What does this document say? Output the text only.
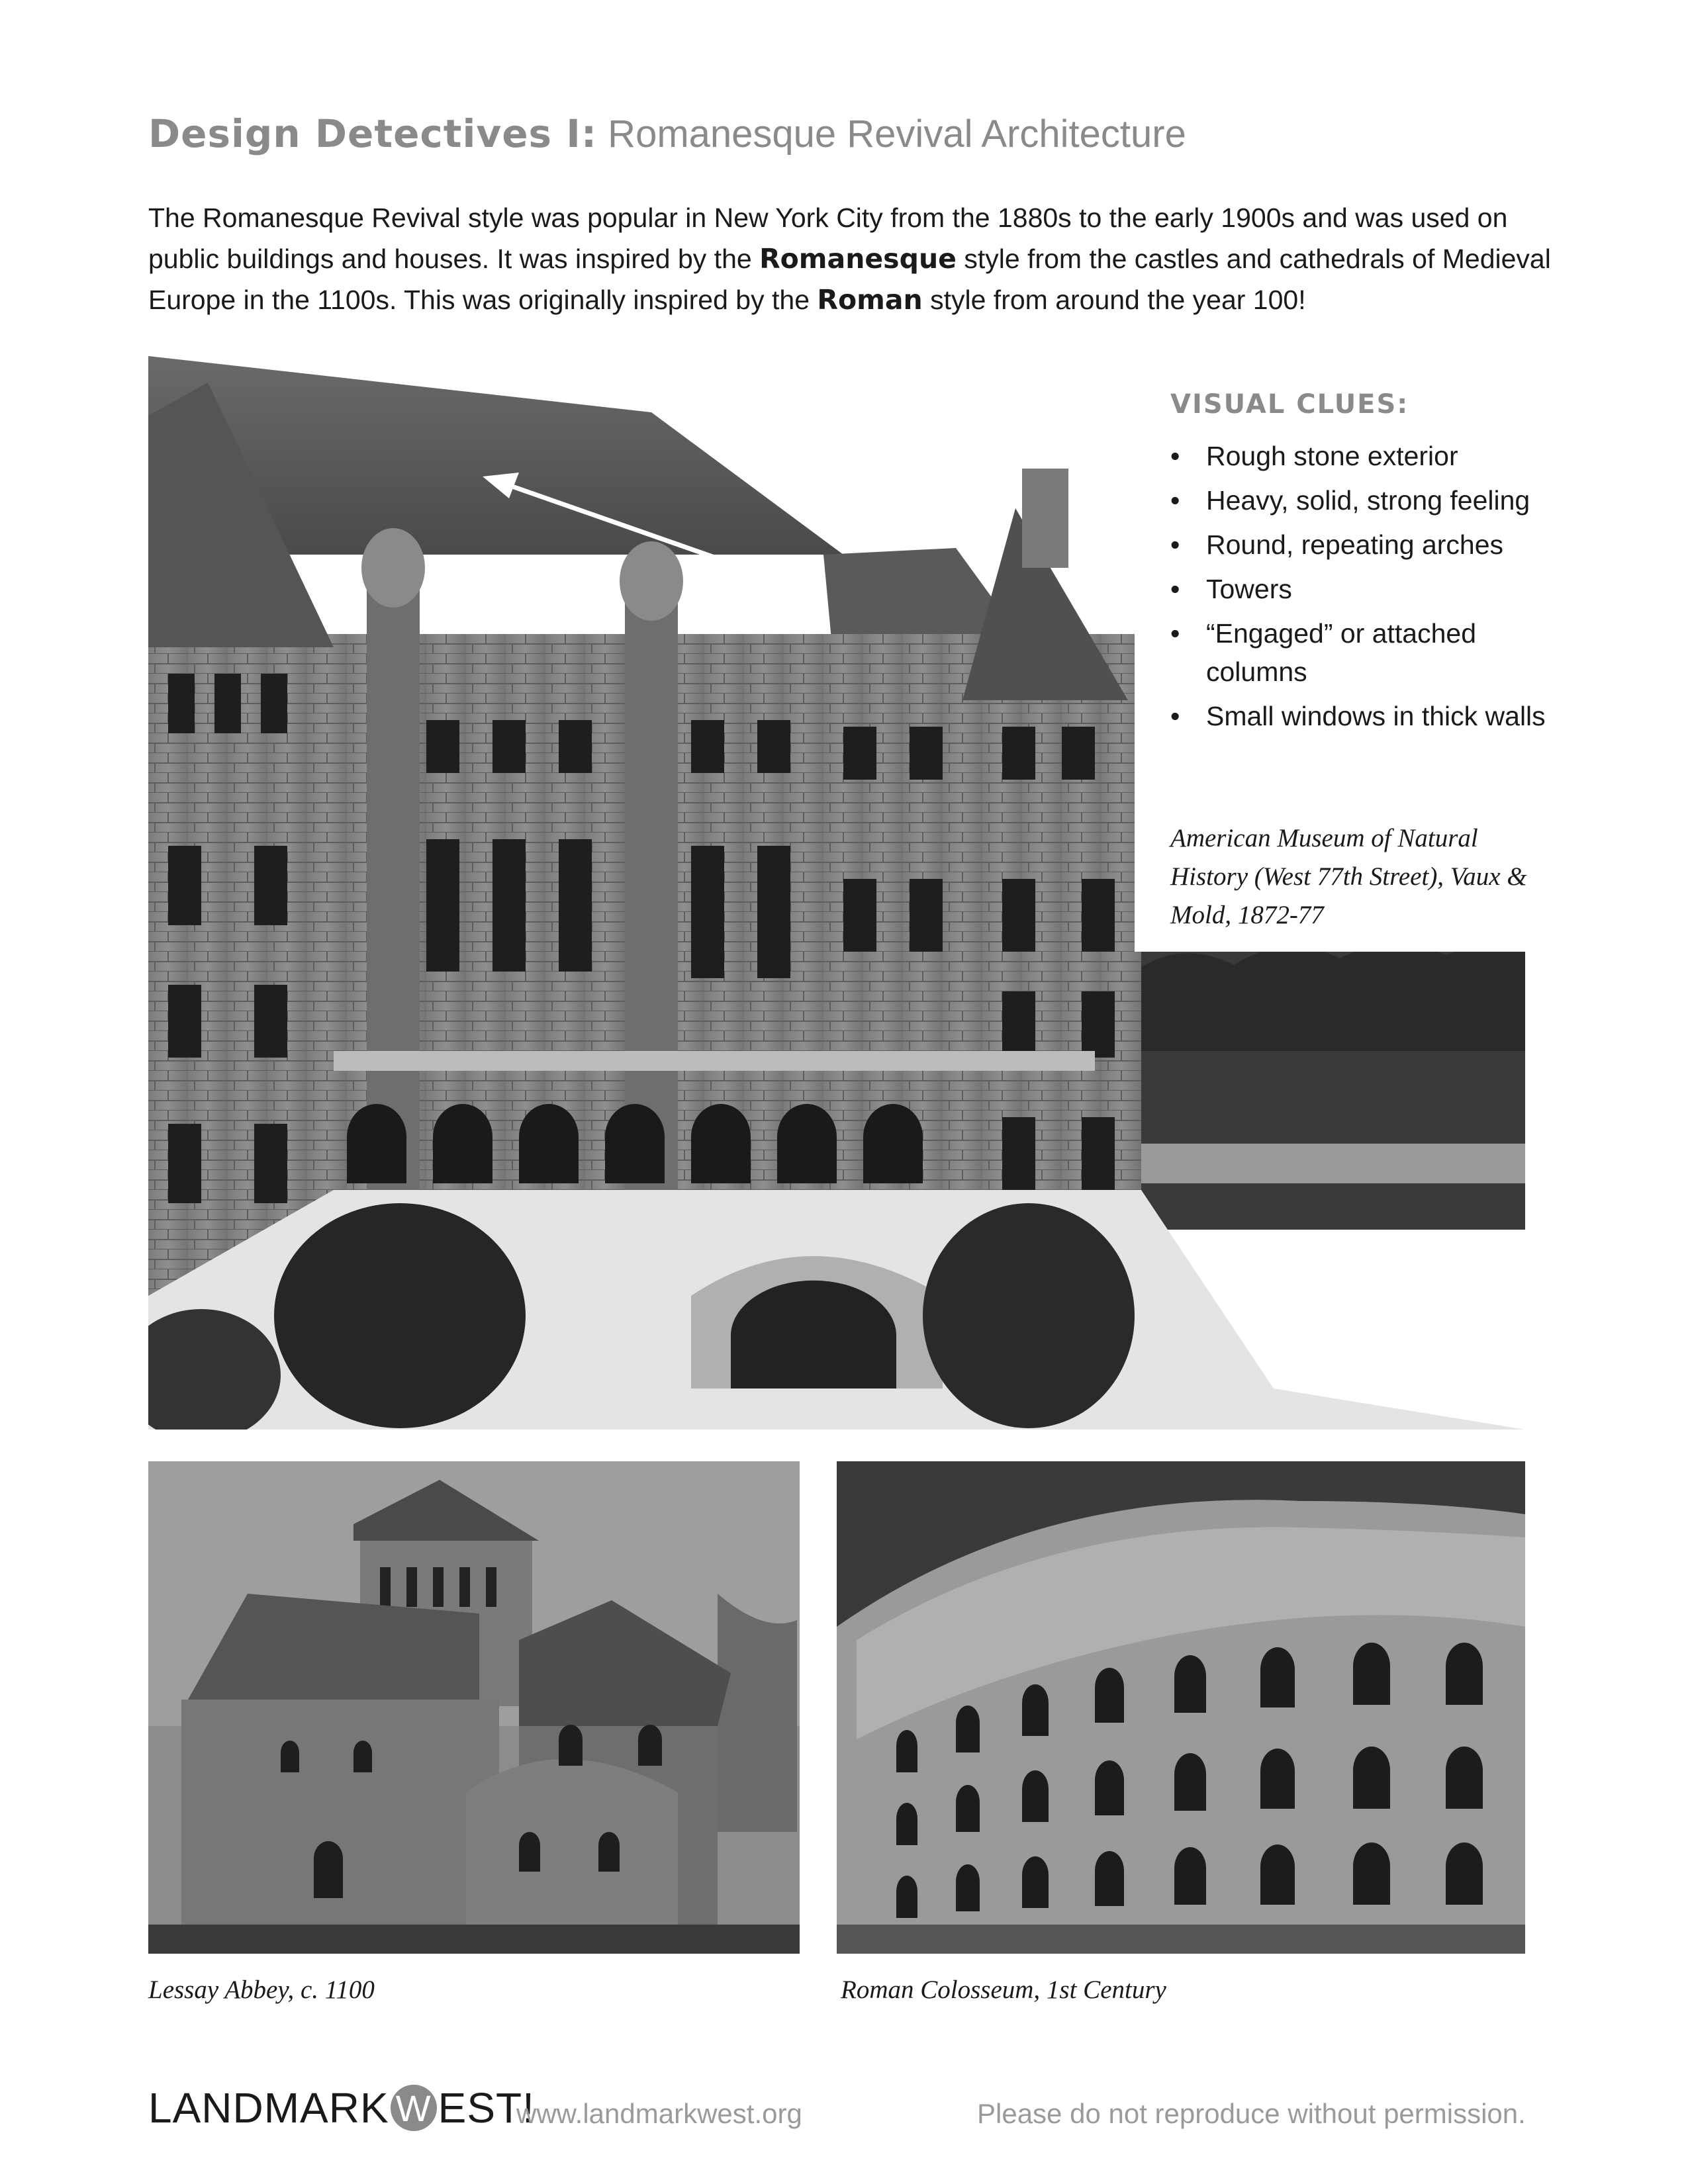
Design Detectives I: Romanesque Revival Architecture
The Romanesque Revival style was popular in New York City from the 1880s to the early 1900s and was used on public buildings and houses. It was inspired by the Romanesque style from the castles and cathedrals of Medieval Europe in the 1100s. This was originally inspired by the Roman style from around the year 100!
VISUAL CLUES:
• Rough stone exterior
• Heavy, solid, strong feeling
• Round, repeating arches
• Towers
• “Engaged” or attached columns
• Small windows in thick walls
American Museum of Natural History (West 77th Street), Vaux & Mold, 1872-77
Lessay Abbey, c. 1100	Roman Colosseum, 1st Century
LANDMARK W EST!
www.landmarkwest.org	Please do not reproduce without permission.
